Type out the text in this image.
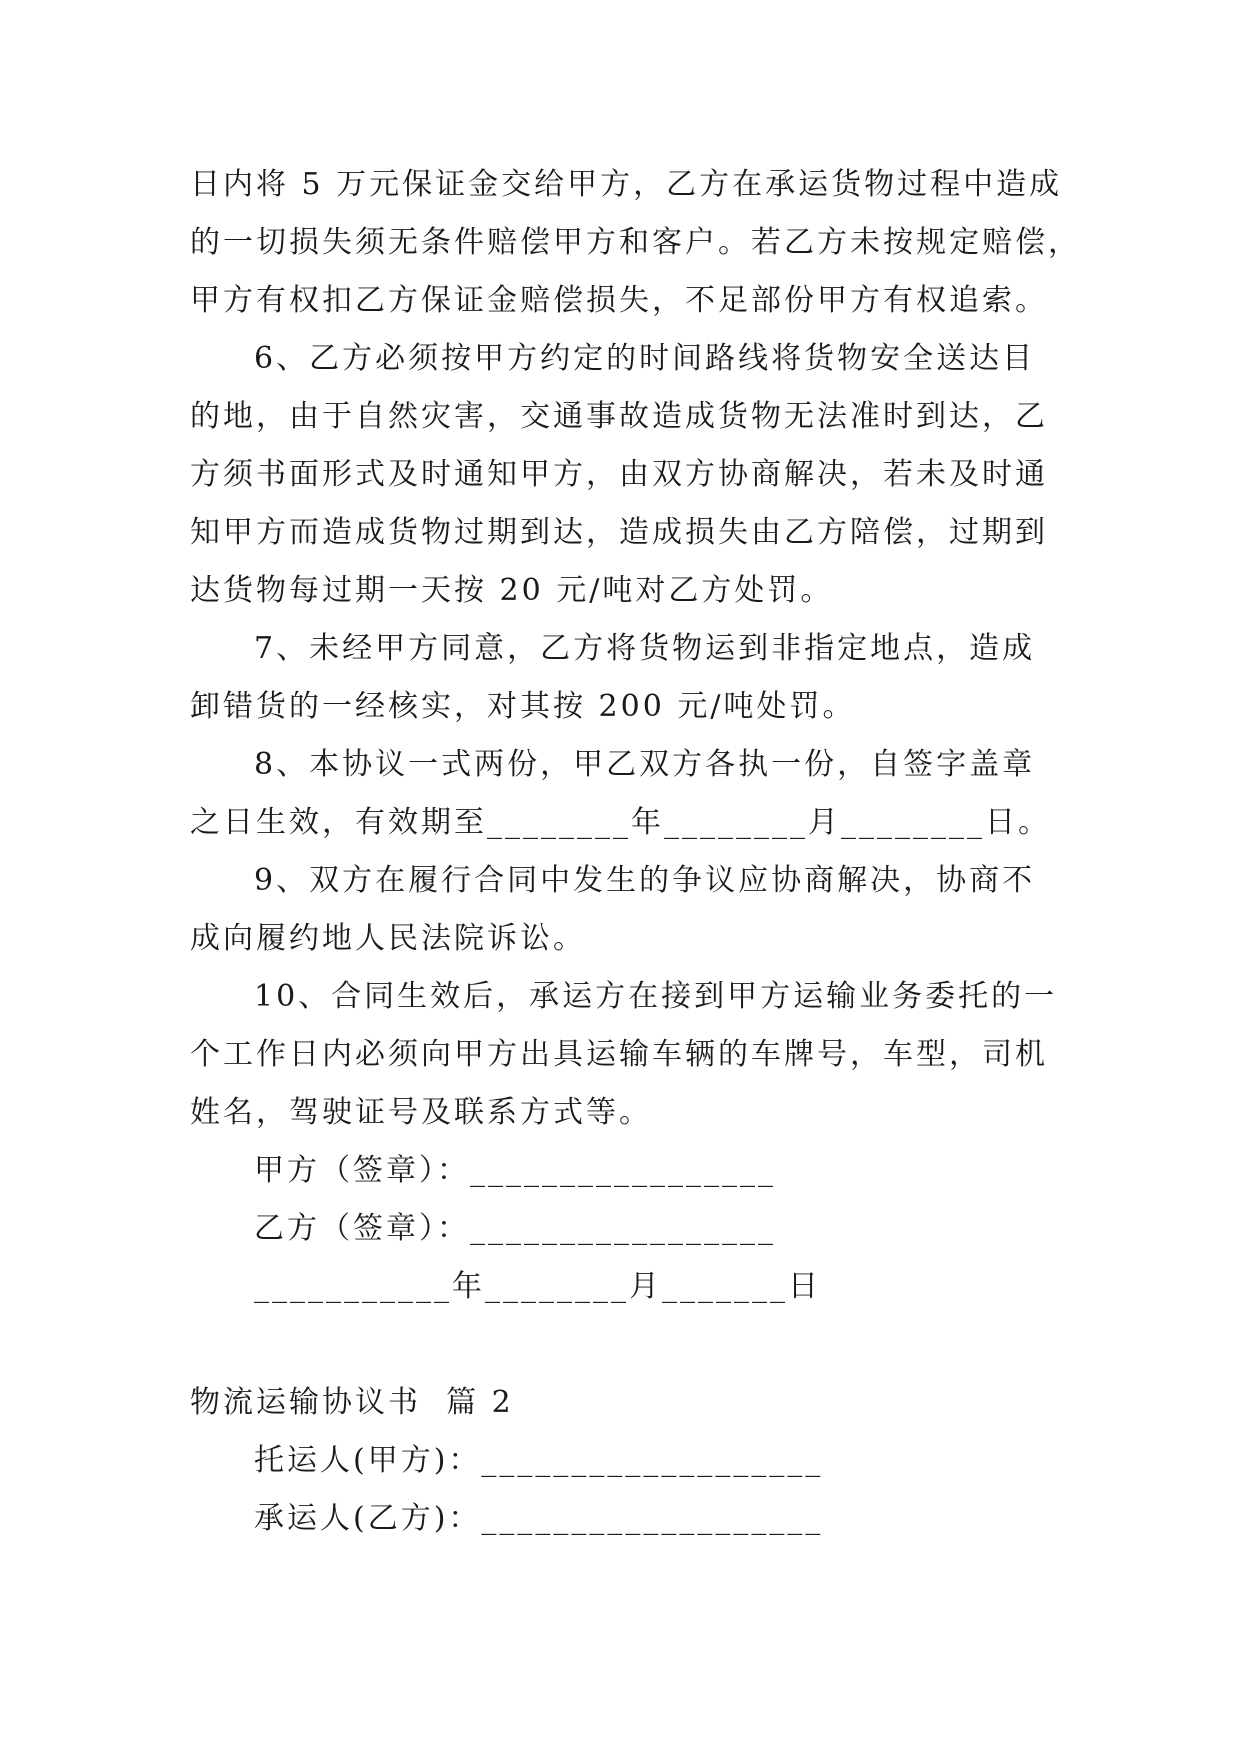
日内将 5 万元保证金交给甲方，乙方在承运货物过程中造成
的一切损失须无条件赔偿甲方和客户。若乙方未按规定赔偿，
甲方有权扣乙方保证金赔偿损失，不足部份甲方有权追索。
6、乙方必须按甲方约定的时间路线将货物安全送达目
的地，由于自然灾害，交通事故造成货物无法准时到达，乙
方须书面形式及时通知甲方，由双方协商解决，若未及时通
知甲方而造成货物过期到达，造成损失由乙方陪偿，过期到
达货物每过期一天按 20 元/吨对乙方处罚。
7、未经甲方同意，乙方将货物运到非指定地点，造成
卸错货的一经核实，对其按 200 元/吨处罚。
8、本协议一式两份，甲乙双方各执一份，自签字盖章
之日生效，有效期至________年________月________日。
9、双方在履行合同中发生的争议应协商解决，协商不
成向履约地人民法院诉讼。
10、合同生效后，承运方在接到甲方运输业务委托的一
个工作日内必须向甲方出具运输车辆的车牌号，车型，司机
姓名，驾驶证号及联系方式等。
甲方（签章）：_________________
乙方（签章）：_________________
___________年________月_______日
物流运输协议书  篇 2
托运人(甲方)：___________________
承运人(乙方)：___________________
